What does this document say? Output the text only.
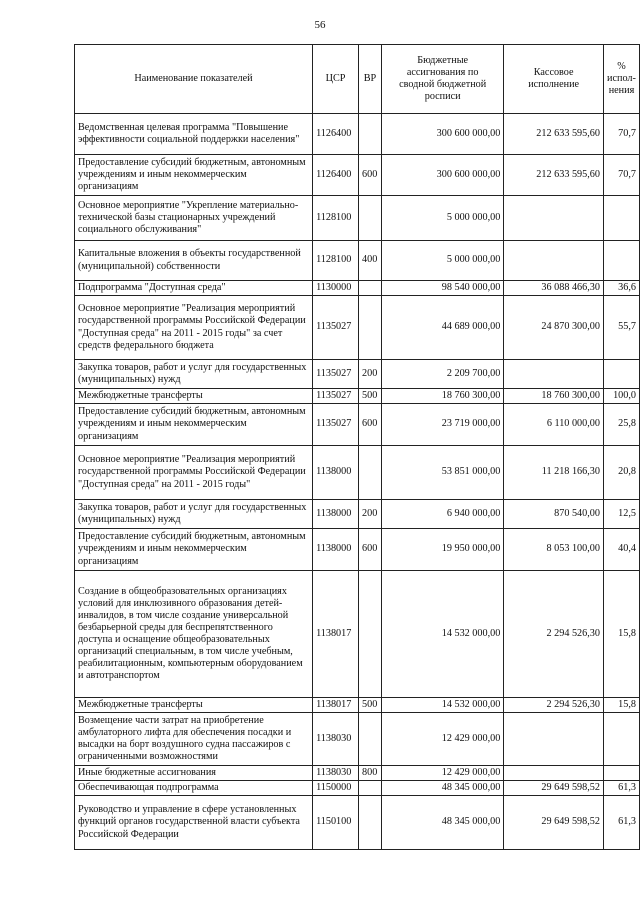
56
Наименование показателей	ЦСР	ВР	Бюджетные ассигнования по сводной бюджетной росписи	Кассовое исполнение	% испол-нения
Ведомственная целевая программа "Повышение эффективности социальной поддержки населения"	1126400		300 600 000,00	212 633 595,60	70,7
Предоставление субсидий бюджетным, автономным учреждениям и иным некоммерческим организациям	1126400	600	300 600 000,00	212 633 595,60	70,7
Основное мероприятие "Укрепление материально-технической базы стационарных учреждений социального обслуживания"	1128100		5 000 000,00		
Капитальные вложения в объекты государственной (муниципальной) собственности	1128100	400	5 000 000,00		
Подпрограмма "Доступная среда"	1130000		98 540 000,00	36 088 466,30	36,6
Основное мероприятие "Реализация мероприятий государственной программы Российской Федерации "Доступная среда" на 2011 - 2015 годы" за счет средств федерального бюджета	1135027		44 689 000,00	24 870 300,00	55,7
Закупка товаров, работ и услуг для государственных (муниципальных) нужд	1135027	200	2 209 700,00		
Межбюджетные трансферты	1135027	500	18 760 300,00	18 760 300,00	100,0
Предоставление субсидий бюджетным, автономным учреждениям и иным некоммерческим организациям	1135027	600	23 719 000,00	6 110 000,00	25,8
Основное мероприятие "Реализация мероприятий государственной программы Российской Федерации "Доступная среда" на 2011 - 2015 годы"	1138000		53 851 000,00	11 218 166,30	20,8
Закупка товаров, работ и услуг для государственных (муниципальных) нужд	1138000	200	6 940 000,00	870 540,00	12,5
Предоставление субсидий бюджетным, автономным учреждениям и иным некоммерческим организациям	1138000	600	19 950 000,00	8 053 100,00	40,4
Создание в общеобразовательных организациях условий для инклюзивного образования детей-инвалидов, в том числе создание универсальной безбарьерной среды для беспрепятственного доступа и оснащение общеобразовательных организаций специальным, в том числе учебным, реабилитационным, компьютерным оборудованием и автотранспортом	1138017		14 532 000,00	2 294 526,30	15,8
Межбюджетные трансферты	1138017	500	14 532 000,00	2 294 526,30	15,8
Возмещение части затрат на приобретение амбулаторного лифта для обеспечения посадки и высадки на борт воздушного судна пассажиров с ограниченными возможностями	1138030		12 429 000,00		
Иные бюджетные ассигнования	1138030	800	12 429 000,00		
Обеспечивающая подпрограмма	1150000		48 345 000,00	29 649 598,52	61,3
Руководство и управление в сфере установленных функций органов государственной власти субъекта Российской Федерации	1150100		48 345 000,00	29 649 598,52	61,3
